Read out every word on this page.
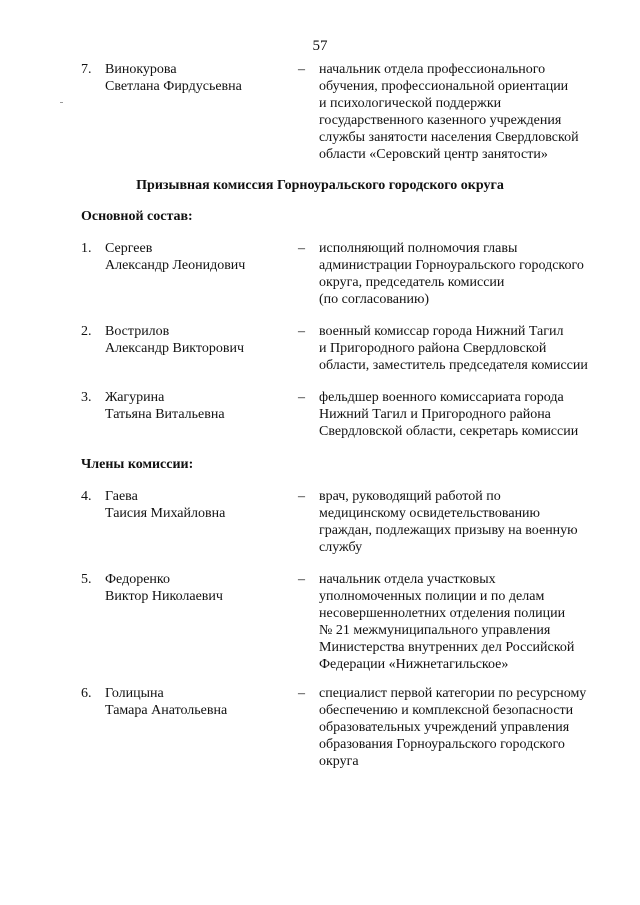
57
7. Винокурова
Светлана Фирдусьевна
– начальник отдела профессионального
обучения, профессиональной ориентации
и психологической поддержки
государственного казенного учреждения
службы занятости населения Свердловской
области «Серовский центр занятости»
Призывная комиссия Горноуральского городского округа
Основной состав:
1. Сергеев
Александр Леонидович
– исполняющий полномочия главы
администрации Горноуральского городского
округа, председатель комиссии
(по согласованию)
2. Вострилов
Александр Викторович
– военный комиссар города Нижний Тагил
и Пригородного района Свердловской
области, заместитель председателя комиссии
3. Жагурина
Татьяна Витальевна
– фельдшер военного комиссариата города
Нижний Тагил и Пригородного района
Свердловской области, секретарь комиссии
Члены комиссии:
4. Гаева
Таисия Михайловна
– врач, руководящий работой по
медицинскому освидетельствованию
граждан, подлежащих призыву на военную
службу
5. Федоренко
Виктор Николаевич
– начальник отдела участковых
уполномоченных полиции и по делам
несовершеннолетних отделения полиции
№ 21 межмуниципального управления
Министерства внутренних дел Российской
Федерации «Нижнетагильское»
6. Голицына
Тамара Анатольевна
– специалист первой категории по ресурсному
обеспечению и комплексной безопасности
образовательных учреждений управления
образования Горноуральского городского
округа
